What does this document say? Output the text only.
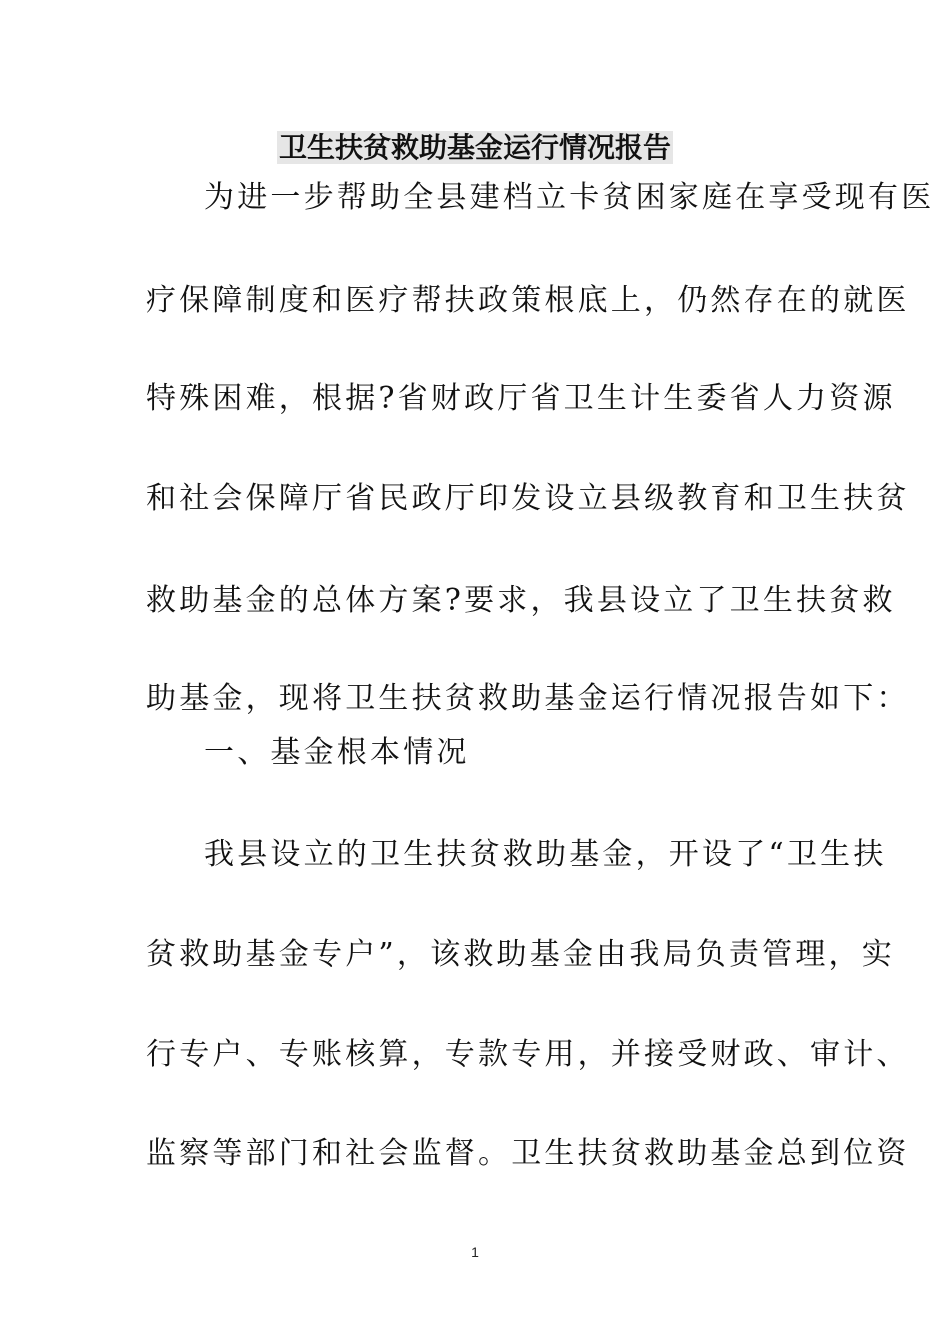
卫生扶贫救助基金运行情况报告

为进一步帮助全县建档立卡贫困家庭在享受现有医

疗保障制度和医疗帮扶政策根底上，仍然存在的就医

特殊困难，根据?省财政厅省卫生计生委省人力资源

和社会保障厅省民政厅印发设立县级教育和卫生扶贫

救助基金的总体方案?要求，我县设立了卫生扶贫救

助基金，现将卫生扶贫救助基金运行情况报告如下：

一、基金根本情况

我县设立的卫生扶贫救助基金，开设了“卫生扶

贫救助基金专户”，该救助基金由我局负责管理，实

行专户、专账核算，专款专用，并接受财政、审计、

监察等部门和社会监督。卫生扶贫救助基金总到位资

1
